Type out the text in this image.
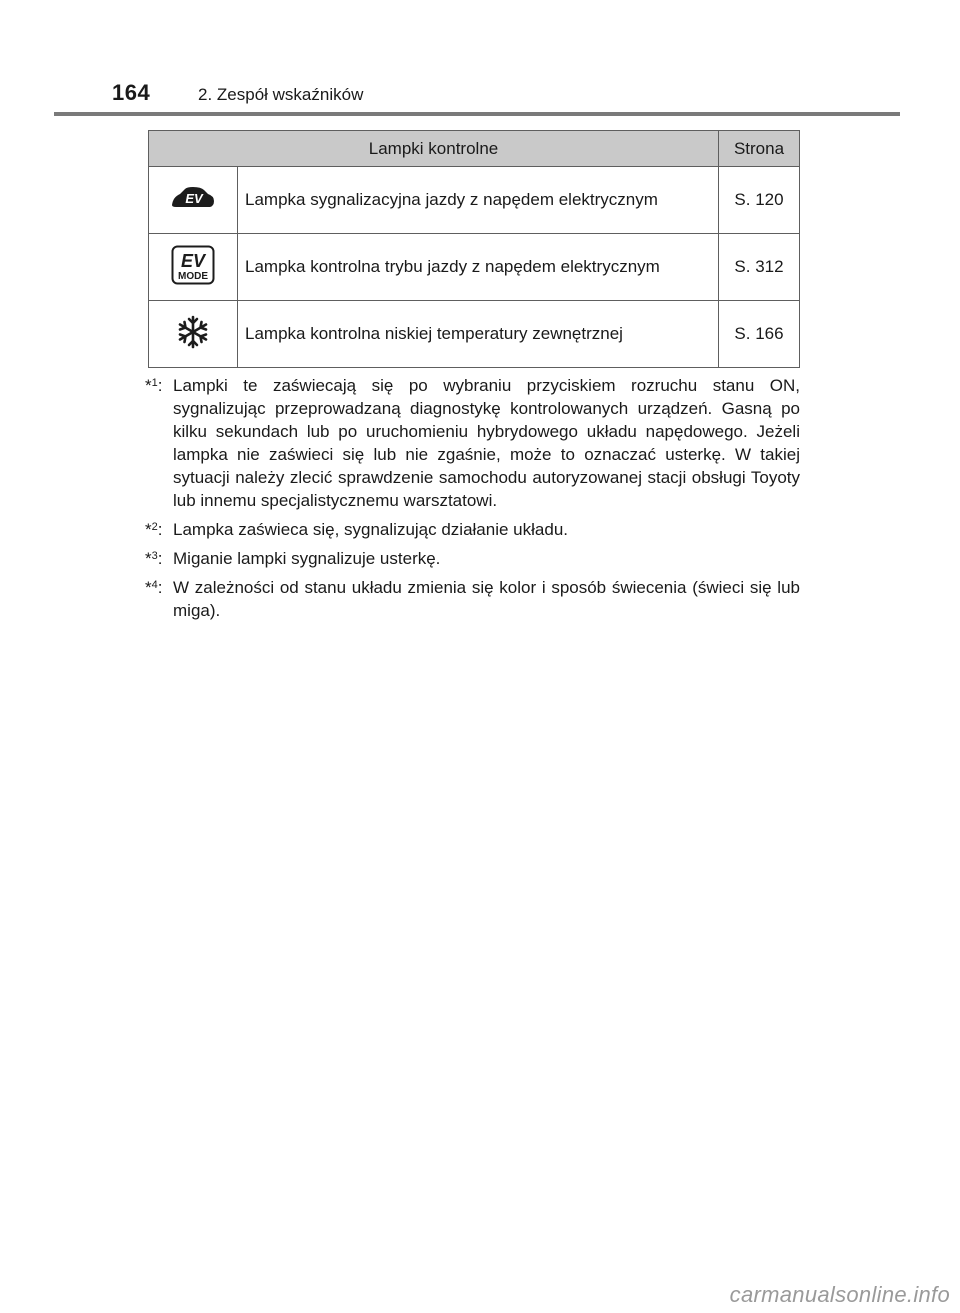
164	2. Zespół wskaźników
Lampki kontrolne		Strona

EV	Lampka sygnalizacyjna jazdy z napędem elektrycznym	S. 120

EV
MODE	Lampka kontrolna trybu jazdy z napędem elektrycznym	S. 312
	Lampka kontrolna niskiej temperatury zewnętrznej	S. 166
*$^1$: Lampki te zaświecają się po wybraniu przyciskiem rozruchu stanu ON, sygnalizując przeprowadzaną diagnostykę kontrolowanych urządzeń. Gasną po kilku sekundach lub po uruchomieniu hybrydowego układu napędowego. Jeżeli lampka nie zaświeci się lub nie zgaśnie, może to oznaczać usterkę. W takiej sytuacji należy zlecić sprawdzenie samochodu autoryzowanej stacji obsługi Toyoty lub innemu specjalistycznemu warsztatowi.
*$^2$: Lampka zaświeca się, sygnalizując działanie układu.
*$^3$: Miganie lampki sygnalizuje usterkę.
*$^4$: W zależności od stanu układu zmienia się kolor i sposób świecenia (świeci się lub miga).
carmanualsonline.info
